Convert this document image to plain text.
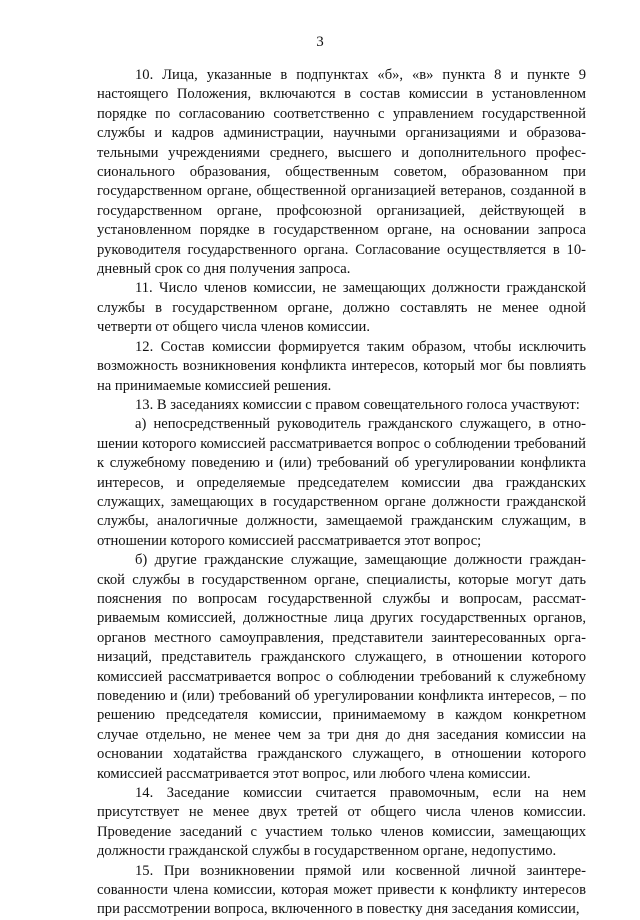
3

10. Лица, указанные в подпунктах «б», «в» пункта 8 и пункте 9 настоящего Положения, включаются в состав комиссии в установленном порядке по согласованию соответственно с управлением государственной службы и кадров администрации, научными организациями и образовательными учреждениями среднего, высшего и дополнительного профессионального образования, общественным советом, образованном при государственном органе, общественной организацией ветеранов, созданной в государственном органе, профсоюзной организацией, действующей в установленном порядке в государственном органе, на основании запроса руководителя государственного органа. Согласование осуществляется в 10-дневный срок со дня получения запроса.

11. Число членов комиссии, не замещающих должности гражданской службы в государственном органе, должно составлять не менее одной четверти от общего числа членов комиссии.

12. Состав комиссии формируется таким образом, чтобы исключить возможность возникновения конфликта интересов, который мог бы повлиять на принимаемые комиссией решения.

13. В заседаниях комиссии с правом совещательного голоса участвуют:

а) непосредственный руководитель гражданского служащего, в отношении которого комиссией рассматривается вопрос о соблюдении требований к служебному поведению и (или) требований об урегулировании конфликта интересов, и определяемые председателем комиссии два гражданских служащих, замещающих в государственном органе должности гражданской службы, аналогичные должности, замещаемой гражданским служащим, в отношении которого комиссией рассматривается этот вопрос;

б) другие гражданские служащие, замещающие должности гражданской службы в государственном органе, специалисты, которые могут дать пояснения по вопросам государственной службы и вопросам, рассматриваемым комиссией, должностные лица других государственных органов, органов местного самоуправления, представители заинтересованных организаций, представитель гражданского служащего, в отношении которого комиссией рассматривается вопрос о соблюдении требований к служебному поведению и (или) требований об урегулировании конфликта интересов, – по решению председателя комиссии, принимаемому в каждом конкретном случае отдельно, не менее чем за три дня до дня заседания комиссии на основании ходатайства гражданского служащего, в отношении которого комиссией рассматривается этот вопрос, или любого члена комиссии.

14. Заседание комиссии считается правомочным, если на нем присутствует не менее двух третей от общего числа членов комиссии. Проведение заседаний с участием только членов комиссии, замещающих должности гражданской службы в государственном органе, недопустимо.

15. При возникновении прямой или косвенной личной заинтересованности члена комиссии, которая может привести к конфликту интересов при рассмотрении вопроса, включенного в повестку дня заседания комиссии,
